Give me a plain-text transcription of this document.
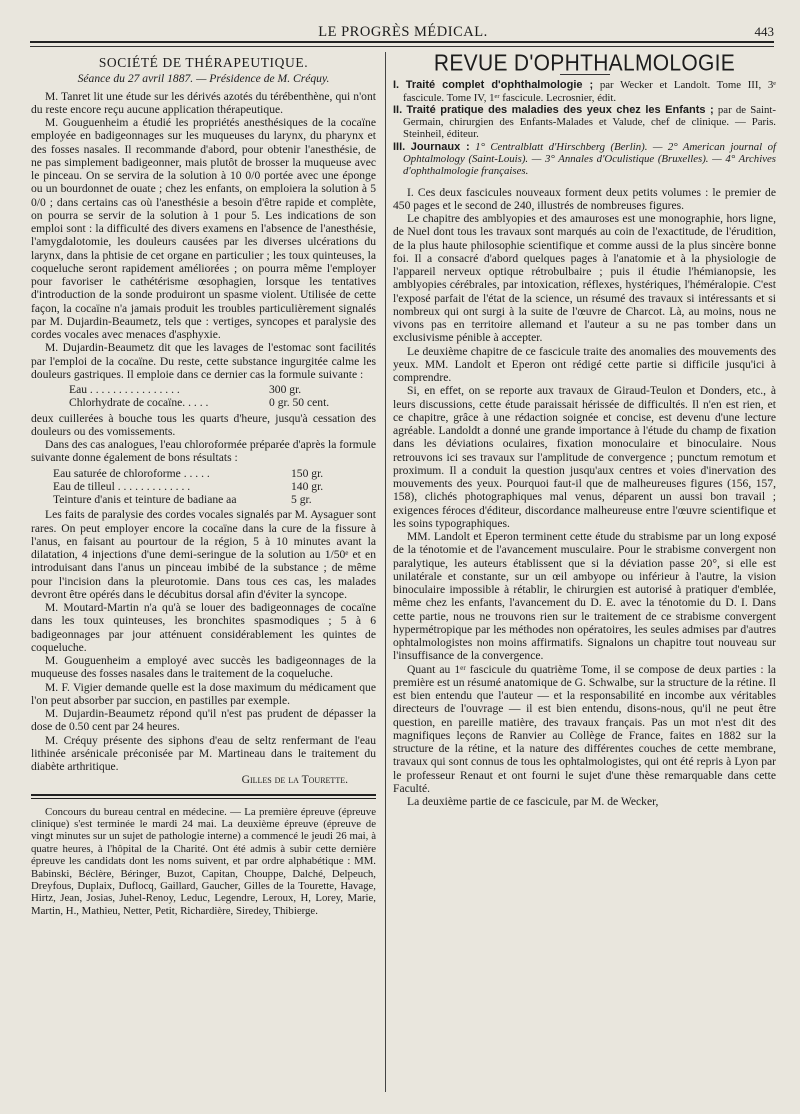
LE PROGRÈS MÉDICAL.	443
SOCIÉTÉ DE THÉRAPEUTIQUE.
Séance du 27 avril 1887. — Présidence de M. Créquy.

M. Tanret lit une étude sur les dérivés azotés du térébenthène, qui n'ont du reste encore reçu aucune application thérapeutique.

M. Gouguenheim a étudié les propriétés anesthésiques de la cocaïne employée en badigeonnages sur les muqueuses du larynx, du pharynx et des fosses nasales. Il recommande d'abord, pour obtenir l'anesthésie, de ne pas simplement badigeonner, mais plutôt de brosser la muqueuse avec le pinceau. On se servira de la solution à 10 0/0 portée avec une éponge ou un bourdonnet de ouate ; chez les enfants, on emploiera la solution à 5 0/0 ; dans certains cas où l'anesthésie a besoin d'être rapide et complète, on pourra se servir de la solution à 1 pour 5. Les indications de son emploi sont : la difficulté des divers examens en l'absence de l'anesthésie, l'amygdalotomie, les douleurs causées par les diverses ulcérations du larynx, dans la phtisie de cet organe en particulier ; les toux quinteuses, la coqueluche seront rapidement améliorées ; on pourra même l'employer pour favoriser le cathétérisme œsophagien, lorsque les tentatives d'introduction de la sonde produiront un spasme violent. Utilisée de cette façon, la cocaïne n'a jamais produit les troubles particulièrement signalés par M. Dujardin-Beaumetz, tels que : vertiges, syncopes et paralysie des cordes vocales avec menaces d'asphyxie.

M. Dujardin-Beaumetz dit que les lavages de l'estomac sont facilités par l'emploi de la cocaïne. Du reste, cette substance ingurgitée calme les douleurs gastriques. Il emploie dans ce dernier cas la formule suivante :

Eau . . . . . . . . . . . . . . . .	300 gr.
Chlorhydrate de cocaïne. . . . .	0 gr. 50 cent.

deux cuillerées à bouche tous les quarts d'heure, jusqu'à cessation des douleurs ou des vomissements.

Dans des cas analogues, l'eau chloroformée préparée d'après la formule suivante donne également de bons résultats :

Eau saturée de chloroforme . . . . .	150 gr.
Eau de tilleul . . . . . . . . . . . . .	140 gr.
Teinture d'anis et teinture de badiane aa	5 gr.

Les faits de paralysie des cordes vocales signalés par M. Aysaguer sont rares. On peut employer encore la cocaïne dans la cure de la fissure à l'anus, en faisant au pourtour de la région, 5 à 10 minutes avant la dilatation, 4 injections d'une demi-seringue de la solution au 1/50ᵉ et en introduisant dans l'anus un pinceau imbibé de la substance ; de même pour l'incision dans la pleurotomie. Dans tous ces cas, les malades devront être opérés dans le décubitus dorsal afin d'éviter la syncope.

M. Moutard-Martin n'a qu'à se louer des badigeonnages de cocaïne dans les toux quinteuses, les bronchites spasmodiques ; 5 à 6 badigeonnages par jour atténuent considérablement les quintes de coqueluche.

M. Gouguenheim a employé avec succès les badigeonnages de la muqueuse des fosses nasales dans le traitement de la coqueluche.

M. F. Vigier demande quelle est la dose maximum du médicament que l'on peut absorber par succion, en pastilles par exemple.

M. Dujardin-Beaumetz répond qu'il n'est pas prudent de dépasser la dose de 0.50 cent par 24 heures.

M. Créquy présente des siphons d'eau de seltz renfermant de l'eau lithinée arsénicale préconisée par M. Martineau dans le traitement du diabète arthritique.

Gilles de la Tourette.

Concours du bureau central en médecine. — La première épreuve (épreuve clinique) s'est terminée le mardi 24 mai. La deuxième épreuve (épreuve de vingt minutes sur un sujet de pathologie interne) a commencé le jeudi 26 mai, à quatre heures, à l'hôpital de la Charité. Ont été admis à subir cette dernière épreuve les candidats dont les noms suivent, et par ordre alphabétique : MM. Babinski, Béclère, Béringer, Buzot, Capitan, Chouppe, Dalché, Delpeuch, Dreyfous, Duplaix, Duflocq, Gaillard, Gaucher, Gilles de la Tourette, Havage, Hirtz, Jean, Josias, Juhel-Renoy, Leduc, Legendre, Leroux, H, Lorey, Marie, Martin, H., Mathieu, Netter, Petit, Richardière, Siredey, Thibierge.

REVUE D'OPHTHALMOLOGIE

I. Traité complet d'ophthalmologie ; par Wecker et Landolt. Tome III, 3ᵉ fascicule. Tome IV, 1ᵉʳ fascicule. Lecrosnier, édit.

II. Traité pratique des maladies des yeux chez les Enfants ; par de Saint-Germain, chirurgien des Enfants-Malades et Valude, chef de clinique. — Paris. Steinheil, éditeur.

III. Journaux : 1° Centralblatt d'Hirschberg (Berlin). — 2° American journal of Ophtalmology (Saint-Louis). — 3° Annales d'Oculistique (Bruxelles). — 4° Archives d'ophthalmologie françaises.

I. Ces deux fascicules nouveaux forment deux petits volumes : le premier de 450 pages et le second de 240, illustrés de nombreuses figures.

Le chapitre des amblyopies et des amauroses est une monographie, hors ligne, de Nuel dont tous les travaux sont marqués au coin de l'exactitude, de l'érudition, de la plus haute philosophie scientifique et comme aussi de la plus sincère bonne foi. Il a consacré d'abord quelques pages à l'anatomie et à la physiologie de l'appareil nerveux optique rétrobulbaire ; puis il étudie l'hémianopsie, les amblyopies cérébrales, par intoxication, réflexes, hystériques, l'héméralopie. C'est l'exposé parfait de l'état de la science, un résumé des travaux si intéressants et si nombreux qui ont surgi à la suite de l'œuvre de Charcot. Là, au moins, nous ne vivons pas en territoire allemand et l'auteur a su ne pas tomber dans un exclusivisme pénible à accepter.

Le deuxième chapitre de ce fascicule traite des anomalies des mouvements des yeux. MM. Landolt et Eperon ont rédigé cette partie si difficile jusqu'ici à comprendre.

Si, en effet, on se reporte aux travaux de Giraud-Teulon et Donders, etc., à leurs discussions, cette étude paraissait hérissée de difficultés. Il n'en est rien, et ce chapitre, grâce à une rédaction soignée et concise, est devenu d'une lecture agréable. Landoldt a donné une grande importance à l'étude du champ de fixation dans les déviations oculaires, fixation monoculaire et binoculaire. Nous retrouvons ici ses travaux sur l'amplitude de convergence ; punctum remotum et proximum. Il a conduit la question jusqu'aux centres et voies d'inervation des mouvements des yeux. Pourquoi faut-il que de malheureuses figures (156, 157, 158), clichés photographiques mal venus, déparent un aussi bon travail ; exigences féroces d'éditeur, discordance malheureuse entre l'œuvre scientifique et les soins typographiques.

MM. Landolt et Eperon terminent cette étude du strabisme par un long exposé de la ténotomie et de l'avancement musculaire. Pour le strabisme convergent non paralytique, les auteurs établissent que si la déviation passe 20°, si elle est unilatérale et constante, sur un œil ambyope ou inférieur à l'autre, la vision binoculaire impossible à rétablir, le chirurgien est autorisé à pratiquer d'emblée, même chez les enfants, l'avancement du D. E. avec la ténotomie du D. I. Dans cette partie, nous ne trouvons rien sur le traitement de ce strabisme convergent hypermétropique par les méthodes non opératoires, les seules admises par d'autres ophtalmologistes non moins affirmatifs. Signalons un chapitre tout nouveau sur l'insuffisance de la convergence.

Quant au 1ᵉʳ fascicule du quatrième Tome, il se compose de deux parties : la première est un résumé anatomique de G. Schwalbe, sur la structure de la rétine. Il est bien entendu que l'auteur — et la responsabilité en incombe aux véritables directeurs de l'ouvrage — il est bien entendu, disons-nous, qu'il ne peut être question, en pareille matière, des travaux français. Pas un mot n'est dit des magnifiques leçons de Ranvier au Collège de France, faites en 1882 sur la structure de la rétine, et la nature des différentes couches de cette membrane, travaux qui sont connus de tous les ophtalmologistes, qui ont été repris à Lyon par le professeur Renaut et ont fourni le sujet d'une thèse remarquable dans cette Faculté.

La deuxième partie de ce fascicule, par M. de Wecker,
